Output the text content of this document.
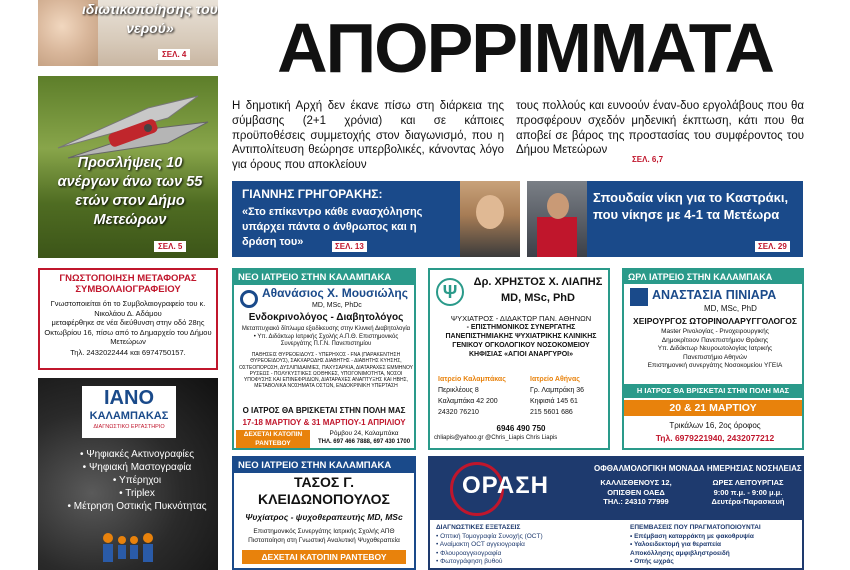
ιδιωτικοποίησης του νερού»
ΣΕΛ. 4
Προσλήψεις 10 ανέργων άνω των 55 ετών στον Δήμο Μετεώρων
ΣΕΛ. 5
ΓΝΩΣΤΟΠΟΙΗΣΗ ΜΕΤΑΦΟΡΑΣ ΣΥΜΒΟΛΑΙΟΓΡΑΦΕΙΟΥ
Γνωστοποιείται ότι το Συμβολαιογραφείο του κ. Νικολάου Δ. Αδάμου
μεταφέρθηκε σε νέα διεύθυνση στην οδό 28ης Οκτωβρίου 16, πίσω από το Δημαρχείο του Δήμου Μετεώρων
Τηλ. 2432022444 και 6974750157.
ΙΑΝΟ
ΚΑΛΑΜΠΑΚΑΣ
ΔΙΑΓΝΩΣΤΙΚΟ ΕΡΓΑΣΤΗΡΙΟ
• Ψηφιακές Ακτινογραφίες
• Ψηφιακή Μαστογραφία
• Υπέρηχοι
• Triplex
• Μέτρηση Οστικής Πυκνότητας
ΑΠΟΡΡΙΜΜΑΤΑ
Η δημοτική Αρχή δεν έκανε πίσω στη διάρκεια της σύμβασης (2+1 χρόνια) και σε κάποιες προϋποθέσεις συμμετοχής στον διαγωνισμό, που η Αντιπολίτευση θεώρησε υπερβολικές, κάνοντας λόγο για όρους που αποκλείουν
τους πολλούς και ευνοούν έναν-δυο εργολάβους που θα προσφέρουν σχεδόν μηδενική έκπτωση, κάτι που θα αποβεί σε βάρος της προστασίας του συμφέροντος του Δήμου Μετεώρων
ΣΕΛ. 6,7
ΓΙΑΝΝΗΣ ΓΡΗΓΟΡΑΚΗΣ:
«Στο επίκεντρο κάθε ενασχόλησης υπάρχει πάντα ο άνθρωπος και η δράση του»	ΣΕΛ. 13
Σπουδαία νίκη για το Καστράκι, που νίκησε με 4-1 τα Μετέωρα
ΣΕΛ. 29
ΝΕΟ ΙΑΤΡΕΙΟ ΣΤΗΝ ΚΑΛΑΜΠΑΚΑ
Αθανάσιος Χ. Μουσιώλης
MD, MSc, PhDc
Ενδοκρινολόγος - Διαβητολόγος
Μεταπτυχιακό δίπλωμα εξειδίκευσης στην Κλινική Διαβητολογία • Υπ. Διδάκτωρ Ιατρικής Σχολής Α.Π.Θ. Επιστημονικός Συνεργάτης Π.Γ.Ν. Πανεπιστημίου
ΠΑΘΗΣΕΙΣ ΘΥΡΕΟΕΙΔΟΥΣ - ΥΠΕΡΗΧΟΣ - FNA (ΠΑΡΑΚΕΝΤΗΣΗ ΘΥΡΕΟΕΙΔΟΥΣ), ΣΑΚΧΑΡΩΔΗΣ ΔΙΑΒΗΤΗΣ - ΔΙΑΒΗΤΗΣ ΚΥΗΣΗΣ, ΟΣΤΕΟΠΟΡΩΣΗ, ΔΥΣΛΙΠΙΔΑΙΜΙΕΣ, ΠΑΧΥΣΑΡΚΙΑ, ΔΙΑΤΑΡΑΧΕΣ ΕΜΜΗΝΟΥ ΡΥΣΕΩΣ - ΠΟΛΥΚΥΣΤΙΚΕΣ ΩΟΘΗΚΕΣ, ΥΠΟΓΟΝΙΜΟΤΗΤΑ, ΝΟΣΟΙ ΥΠΟΦΥΣΗΣ ΚΑΙ ΕΠΙΝΕΦΡΙΔΙΩΝ, ΔΙΑΤΑΡΑΧΕΣ ΑΝΑΠΤΥΞΗΣ ΚΑΙ ΗΒΗΣ, ΜΕΤΑΒΟΛΙΚΑ ΝΟΣΗΜΑΤΑ ΟΣΤΩΝ, ΕΝΔΟΚΡΙΝΙΚΗ ΥΠΕΡΤΑΣΗ
Ο ΙΑΤΡΟΣ ΘΑ ΒΡΙΣΚΕΤΑΙ ΣΤΗΝ ΠΟΛΗ ΜΑΣ
17-18 ΜΑΡΤΙΟΥ & 31 ΜΑΡΤΙΟΥ-1 ΑΠΡΙΛΙΟΥ
ΔΕΧΕΤΑΙ ΚΑΤΟΠΙΝ ΡΑΝΤΕΒΟΥ
Ρόμβου 24, Καλαμπάκα
ΤΗΛ. 697 466 7888, 697 430 1700
Ψ	Δρ. ΧΡΗΣΤΟΣ Χ. ΛΙΑΠΗΣ
MD, MSc, PhD
ΨΥΧΙΑΤΡΟΣ - ΔΙΔΑΚΤΩΡ ΠΑΝ. ΑΘΗΝΩΝ
- ΕΠΙΣΤΗΜΟΝΙΚΟΣ ΣΥΝΕΡΓΑΤΗΣ
ΠΑΝΕΠΙΣΤΗΜΙΑΚΗΣ ΨΥΧΙΑΤΡΙΚΗΣ ΚΛΙΝΙΚΗΣ
ΓΕΝΙΚΟΥ ΟΓΚΟΛΟΓΙΚΟΥ ΝΟΣΟΚΟΜΕΙΟΥ
ΚΗΦΙΣΙΑΣ «ΑΓΙΟΙ ΑΝΑΡΓΥΡΟΙ»
Ιατρείο Καλαμπάκας
Περικλέους 8
Καλαμπάκα 42 200
24320 76210
Ιατρείο Αθήνας
Γρ. Λαμπράκη 36
Κηφισιά 145 61
215 5601 686
6946 490 750
chliapis@yahoo.gr @Chris_Liapis Chris Liapis
ΩΡΛ ΙΑΤΡΕΙΟ ΣΤΗΝ ΚΑΛΑΜΠΑΚΑ
ΑΝΑΣΤΑΣΙΑ ΠΙΝΙΑΡΑ
MD, MSc, PhD
ΧΕΙΡΟΥΡΓΟΣ ΩΤΟΡΙΝΟΛΑΡΥΓΓΟΛΟΓΟΣ
Master Ρινολογίας - Ρινοχειρουργικής
Δημοκρίτειον Πανεπιστήμιον Θράκης
Υπ. Διδάκτωρ Νευροωτολογίας Ιατρικής
Πανεπιστήμιο Αθηνών
Επιστημονική συνεργάτης Νοσοκομείου ΥΓΕΙΑ
Η ΙΑΤΡΟΣ ΘΑ ΒΡΙΣΚΕΤΑΙ ΣΤΗΝ ΠΟΛΗ ΜΑΣ
20 & 21 ΜΑΡΤΙΟΥ
Τρικάλων 16, 2ος όροφος
Τηλ. 6979221940, 2432077212
ΝΕΟ ΙΑΤΡΕΙΟ ΣΤΗΝ ΚΑΛΑΜΠΑΚΑ
ΤΑΣΟΣ Γ.
ΚΛΕΙΔΩΝΟΠΟΥΛΟΣ
Ψυχίατρος - ψυχοθεραπευτής MD, MSc
Επιστημονικός Συνεργάτης Ιατρικής Σχολής ΑΠΘ
Πιστοποίηση στη Γνωστική Αναλυτική Ψυχοθεραπεία
ΔΕΧΕΤΑΙ ΚΑΤΟΠΙΝ ΡΑΝΤΕΒΟΥ
ΟΡΑΣΗ
ΟΦΘΑΛΜΟΛΟΓΙΚΗ ΜΟΝΑΔΑ ΗΜΕΡΗΣΙΑΣ ΝΟΣΗΛΕΙΑΣ
ΚΑΛΛΙΣΘΕΝΟΥΣ 12,
ΟΠΙΣΘΕΝ ΟΑΕΔ
ΤΗΛ.: 24310 77999
ΩΡΕΣ ΛΕΙΤΟΥΡΓΙΑΣ
9:00 π.μ. - 9:00 μ.μ.
Δευτέρα-Παρασκευή
ΔΙΑΓΝΩΣΤΙΚΕΣ ΕΞΕΤΑΣΕΙΣ
• Οπτική Τομογραφία Συνοχής (OCT)
• Αναίμακτη OCT αγγειογραφία
• Φλουρoαγγειογραφία
• Φωτογράφηση βυθού
ΕΠΕΜΒΑΣΕΙΣ ΠΟΥ ΠΡΑΓΜΑΤΟΠΟΙΟΥΝΤΑΙ
• Επέμβαση καταρράκτη με φακοθρυψία
• Υαλοειδεκτομή για θεραπεία
Αποκόλλησης αμφιβληστροειδή
• Οπής ωχράς
